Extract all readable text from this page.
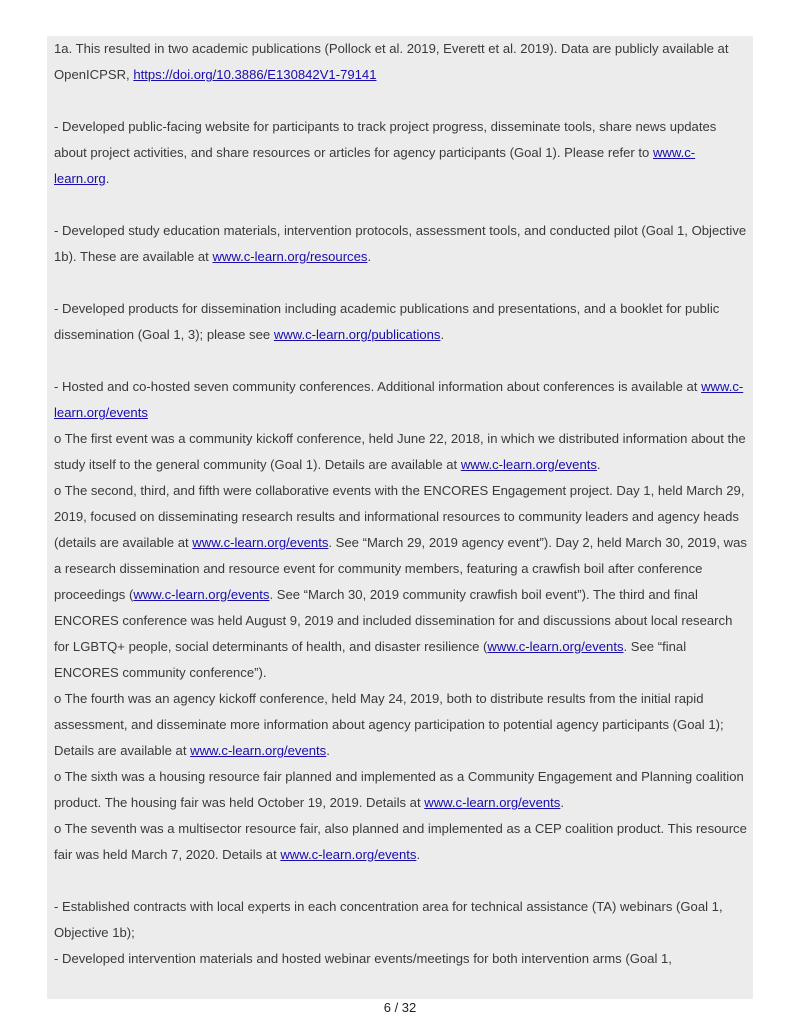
1a. This resulted in two academic publications (Pollock et al. 2019, Everett et al. 2019). Data are publicly available at OpenICPSR, https://doi.org/10.3886/E130842V1-79141

- Developed public-facing website for participants to track project progress, disseminate tools, share news updates about project activities, and share resources or articles for agency participants (Goal 1). Please refer to www.c-learn.org.

- Developed study education materials, intervention protocols, assessment tools, and conducted pilot (Goal 1, Objective 1b). These are available at www.c-learn.org/resources.

- Developed products for dissemination including academic publications and presentations, and a booklet for public dissemination (Goal 1, 3); please see www.c-learn.org/publications.

- Hosted and co-hosted seven community conferences. Additional information about conferences is available at www.c-learn.org/events

o The first event was a community kickoff conference, held June 22, 2018, in which we distributed information about the study itself to the general community (Goal 1). Details are available at www.c-learn.org/events.

o The second, third, and fifth were collaborative events with the ENCORES Engagement project. Day 1, held March 29, 2019, focused on disseminating research results and informational resources to community leaders and agency heads (details are available at www.c-learn.org/events. See “March 29, 2019 agency event”). Day 2, held March 30, 2019, was a research dissemination and resource event for community members, featuring a crawfish boil after conference proceedings (www.c-learn.org/events. See “March 30, 2019 community crawfish boil event”). The third and final ENCORES conference was held August 9, 2019 and included dissemination for and discussions about local research for LGBTQ+ people, social determinants of health, and disaster resilience (www.c-learn.org/events. See “final ENCORES community conference”).

o The fourth was an agency kickoff conference, held May 24, 2019, both to distribute results from the initial rapid assessment, and disseminate more information about agency participation to potential agency participants (Goal 1); Details are available at www.c-learn.org/events.

o The sixth was a housing resource fair planned and implemented as a Community Engagement and Planning coalition product. The housing fair was held October 19, 2019. Details at www.c-learn.org/events.

o The seventh was a multisector resource fair, also planned and implemented as a CEP coalition product. This resource fair was held March 7, 2020. Details at www.c-learn.org/events.

- Established contracts with local experts in each concentration area for technical assistance (TA) webinars (Goal 1, Objective 1b);

- Developed intervention materials and hosted webinar events/meetings for both intervention arms (Goal 1,

6 / 32
